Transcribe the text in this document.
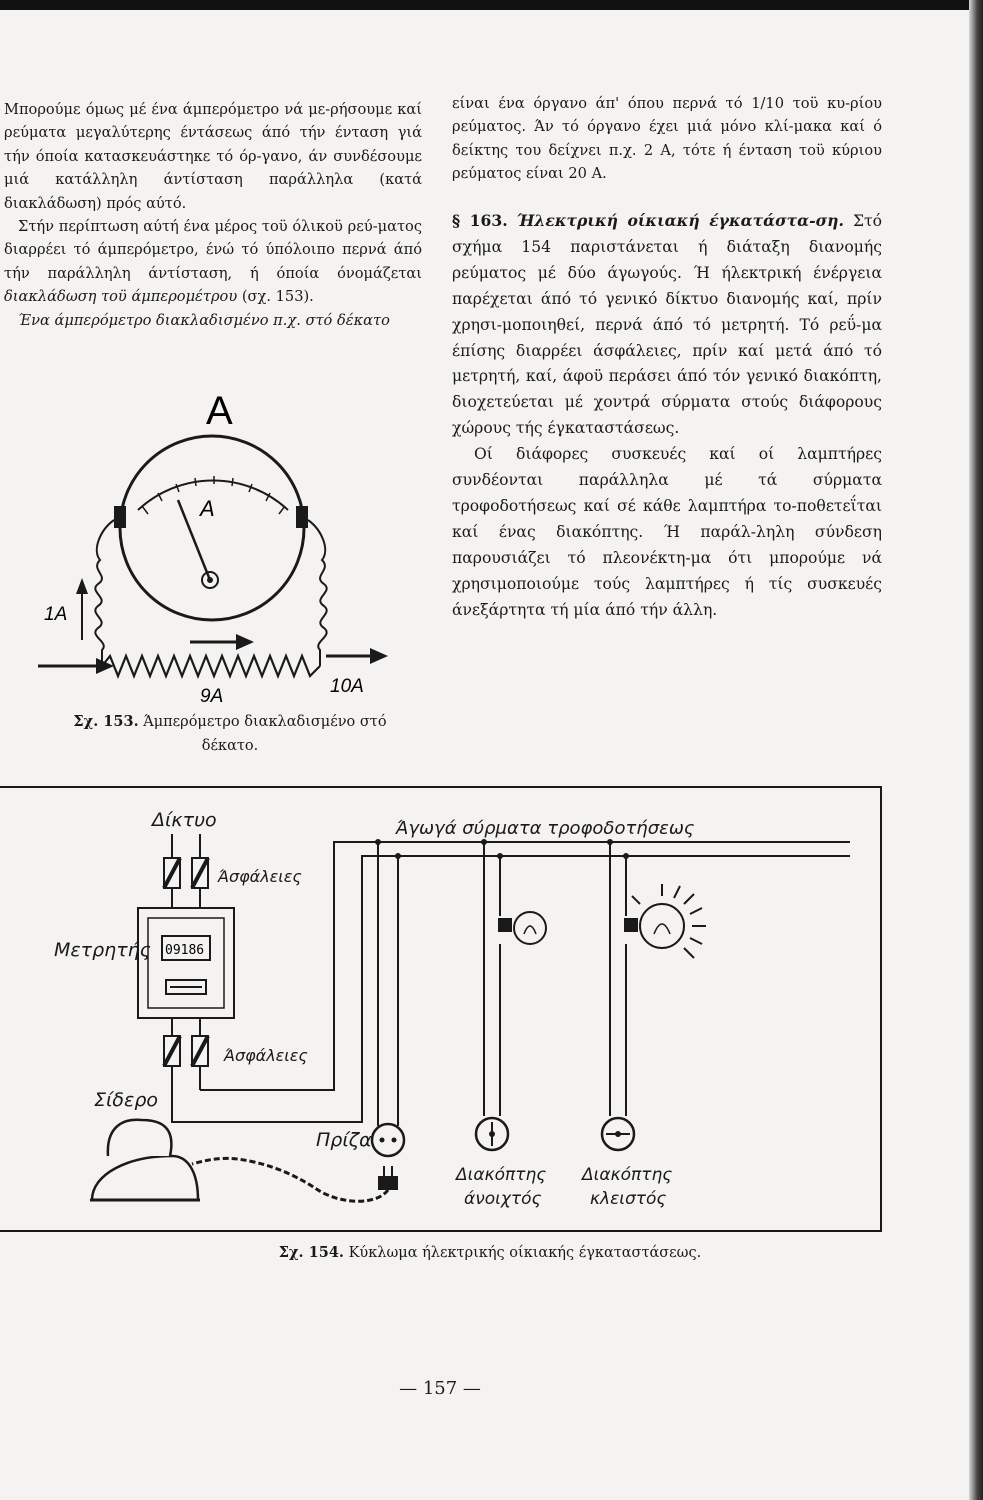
Μπορούμε όμως μέ ένα άμπερόμετρο νά με-ρήσουμε καί ρεύματα μεγαλύτερης έντάσεως άπό τήν ένταση γιά τήν όποία κατασκευάστηκε τό όρ-γανο, άν συνδέσουμε μιά κατάλληλη άντίσταση παράλληλα (κατά διακλάδωση) πρός αύτό.

Στήν περίπτωση αύτή ένα μέρος τοϋ όλικοϋ ρεύ-ματος διαρρέει τό άμπερόμετρο, ένώ τό ύπόλοιπο περνά άπό τήν παράλληλη άντίσταση, ή όποία όνομάζεται διακλάδωση τοϋ άμπερομέτρου (σχ. 153).

Ένα άμπερόμετρο διακλαδισμένο π.χ. στό δέκατο

είναι ένα όργανο άπ' όπου περνά τό 1/10 τοϋ κυ-ρίου ρεύματος. Άν τό όργανο έχει μιά μόνο κλί-μακα καί ό δείκτης του δείχνει π.χ. 2 Α, τότε ή ένταση τοϋ κύριου ρεύματος είναι 20 Α.

§ 163. Ήλεκτρική οίκιακή έγκατάστα-ση. Στό σχήμα 154 παριστάνεται ή διάταξη διανομής ρεύματος μέ δύο άγωγούς. Ή ήλεκτρική ένέργεια παρέχεται άπό τό γενικό δίκτυο διανομής καί, πρίν χρησι-μοποιηθεί, περνά άπό τό μετρητή. Τό ρεΰ-μα έπίσης διαρρέει άσφάλειες, πρίν καί μετά άπό τό μετρητή, καί, άφοϋ περάσει άπό τόν γενικό διακόπτη, διοχετεύεται μέ χοντρά σύρματα στούς διάφορους χώρους τής έγκαταστάσεως.

Οί διάφορες συσκευές καί οί λαμπτήρες συνδέονται παράλληλα μέ τά σύρματα τροφοδοτήσεως καί σέ κάθε λαμπτήρα το-ποθετεΐται καί ένας διακόπτης. Ή παράλ-ληλη σύνδεση παρουσιάζει τό πλεονέκτη-μα ότι μπορούμε νά χρησιμοποιούμε τούς λαμπτήρες ή τίς συσκευές άνεξάρτητα τή μία άπό τήν άλλη.

A
A
1A
9A	10A
Σχ. 153. Άμπερόμετρο διακλαδισμένο στό δέκατο.
Δίκτυο
Άσφάλειες
Μετρητής
Άσφάλειες
Σίδερο
Άγωγά σύρματα τροφοδοτήσεως
Πρίζα
Διακόπτης
άνοιχτός
Διακόπτης
κλειστός
09186
Σχ. 154. Κύκλωμα ήλεκτρικής οίκιακής έγκαταστάσεως.
— 157 —
